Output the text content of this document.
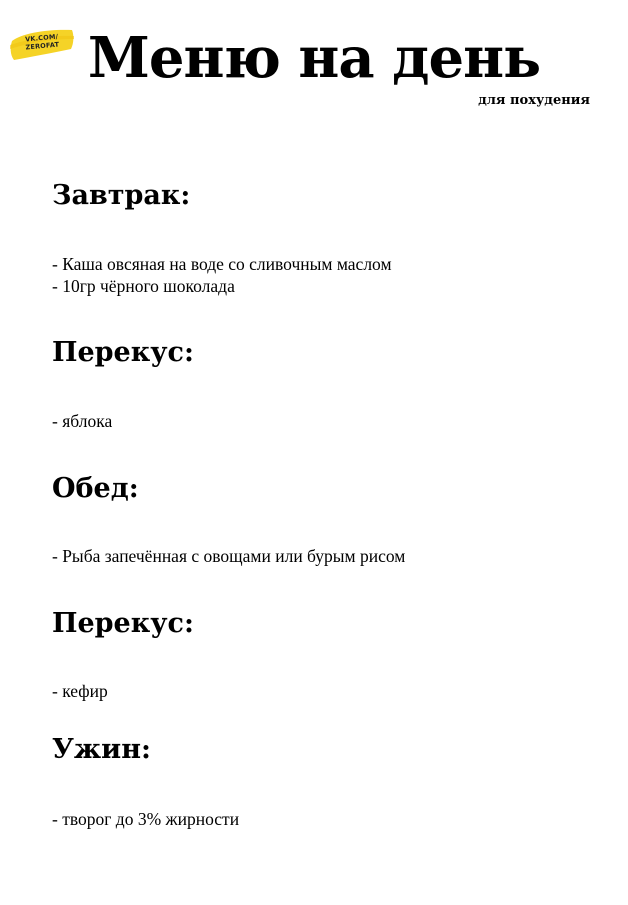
VK.COM/
ZEROFAT Меню на день
для похудения
Завтрак:
- Каша овсяная на воде со сливочным маслом
- 10гр чёрного шоколада
Перекус:
- яблока
Обед:
- Рыба запечённая с овощами или бурым рисом
Перекус:
- кефир
Ужин:
- творог до 3% жирности
